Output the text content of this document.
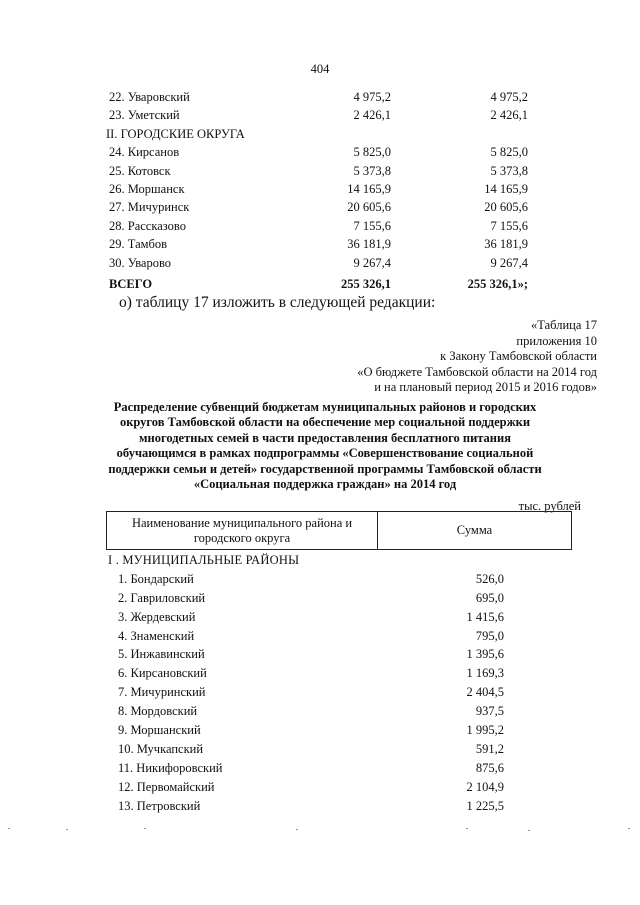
404
22. Уваровский	4 975,2	4 975,2
23. Уметский	2 426,1	2 426,1
II. ГОРОДСКИЕ ОКРУГА
24. Кирсанов	5 825,0	5 825,0
25. Котовск	5 373,8	5 373,8
26. Моршанск	14 165,9	14 165,9
27. Мичуринск	20 605,6	20 605,6
28. Рассказово	7 155,6	7 155,6
29. Тамбов	36 181,9	36 181,9
30. Уварово	9 267,4	9 267,4
ВСЕГО	255 326,1	255 326,1»;
о) таблицу 17 изложить в следующей редакции:
«Таблица 17
приложения 10
к Закону Тамбовской области
«О бюджете Тамбовской области на 2014 год
и на плановый период 2015 и 2016 годов»
Распределение субвенций бюджетам муниципальных районов и городских
округов Тамбовской области на обеспечение мер социальной поддержки
многодетных семей в части предоставления бесплатного питания
обучающимся в рамках подпрограммы «Совершенствование социальной
поддержки семьи и детей» государственной программы Тамбовской области
«Социальная поддержка граждан» на 2014 год
тыс. рублей
Наименование муниципального района и
городского округа
Сумма
I . МУНИЦИПАЛЬНЫЕ РАЙОНЫ
1. Бондарский	526,0
2. Гавриловский	695,0
3. Жердевский	1 415,6
4. Знаменский	795,0
5. Инжавинский	1 395,6
6. Кирсановский	1 169,3
7. Мичуринский	2 404,5
8. Мордовский	937,5
9. Моршанский	1 995,2
10. Мучкапский	591,2
11. Никифоровский	875,6
12. Первомайский	2 104,9
13. Петровский	1 225,5
